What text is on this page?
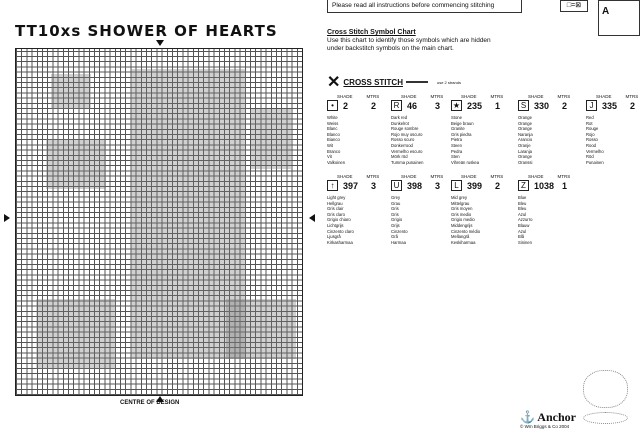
TT10xs SHOWER OF HEARTS
CENTRE OF DESIGN
Please read all instructions before commencing stitching	□=⊠
A
Cross Stitch Symbol Chart
Use this chart to identify those symbols which are hidden under backstitch symbols on the main chart.
✕ CROSS STITCH	use 2 strands
SHADE	MTRS
•	2	2
White
Weiss
Blanc
Blanco
Bianco
Wit
Branco
Vit
Valkoinen
SHADE	MTRS
R 46 3
Dark red
Dunkelrot
Rouge sombre
Rojo muy oscuro
Rosso scuro
Donkerrood
Vermelho escuro
Mörk röd
Tumma punainen
SHADE	MTRS
★ 235 1
Stone
Beige braun
Granite
Gris piedra
Pietra
Steen
Pedra
Sten
Vihreän ruskea
SHADE	MTRS
S 330 2
Orange
Orange
Orange
Naranja
Arancio
Oranje
Laranja
Orange
Oranssi
SHADE	MTRS
J 335 2
Red
Rot
Rouge
Rojo
Rosso
Rood
Vermelho
Röd
Punainen
SHADE	MTRS
↑ 397 3
Light grey
Hellgrau
Gris clair
Gris claro
Grigio chiaro
Lichtgrijs
Cinzento claro
Ljusgrå
Kirkasharmaa
SHADE	MTRS
U 398 3
Grey
Grau
Gris
Gris
Grigio
Grijs
Cinzento
Grå
Harmaa
SHADE	MTRS
L 399 2
Mid grey
Mittelgrau
Gris moyen
Gris medio
Grigio medio
Middengrijs
Cinzento médio
Mellangrå
Keskiharmaa
SHADE	MTRS
Z 1038 1
Blue
Bleu
Bleu
Azul
Azzurro
Blauw
Azul
Blå
Sininen
⚓ Anchor
© Wm Briggs & Co 2004
